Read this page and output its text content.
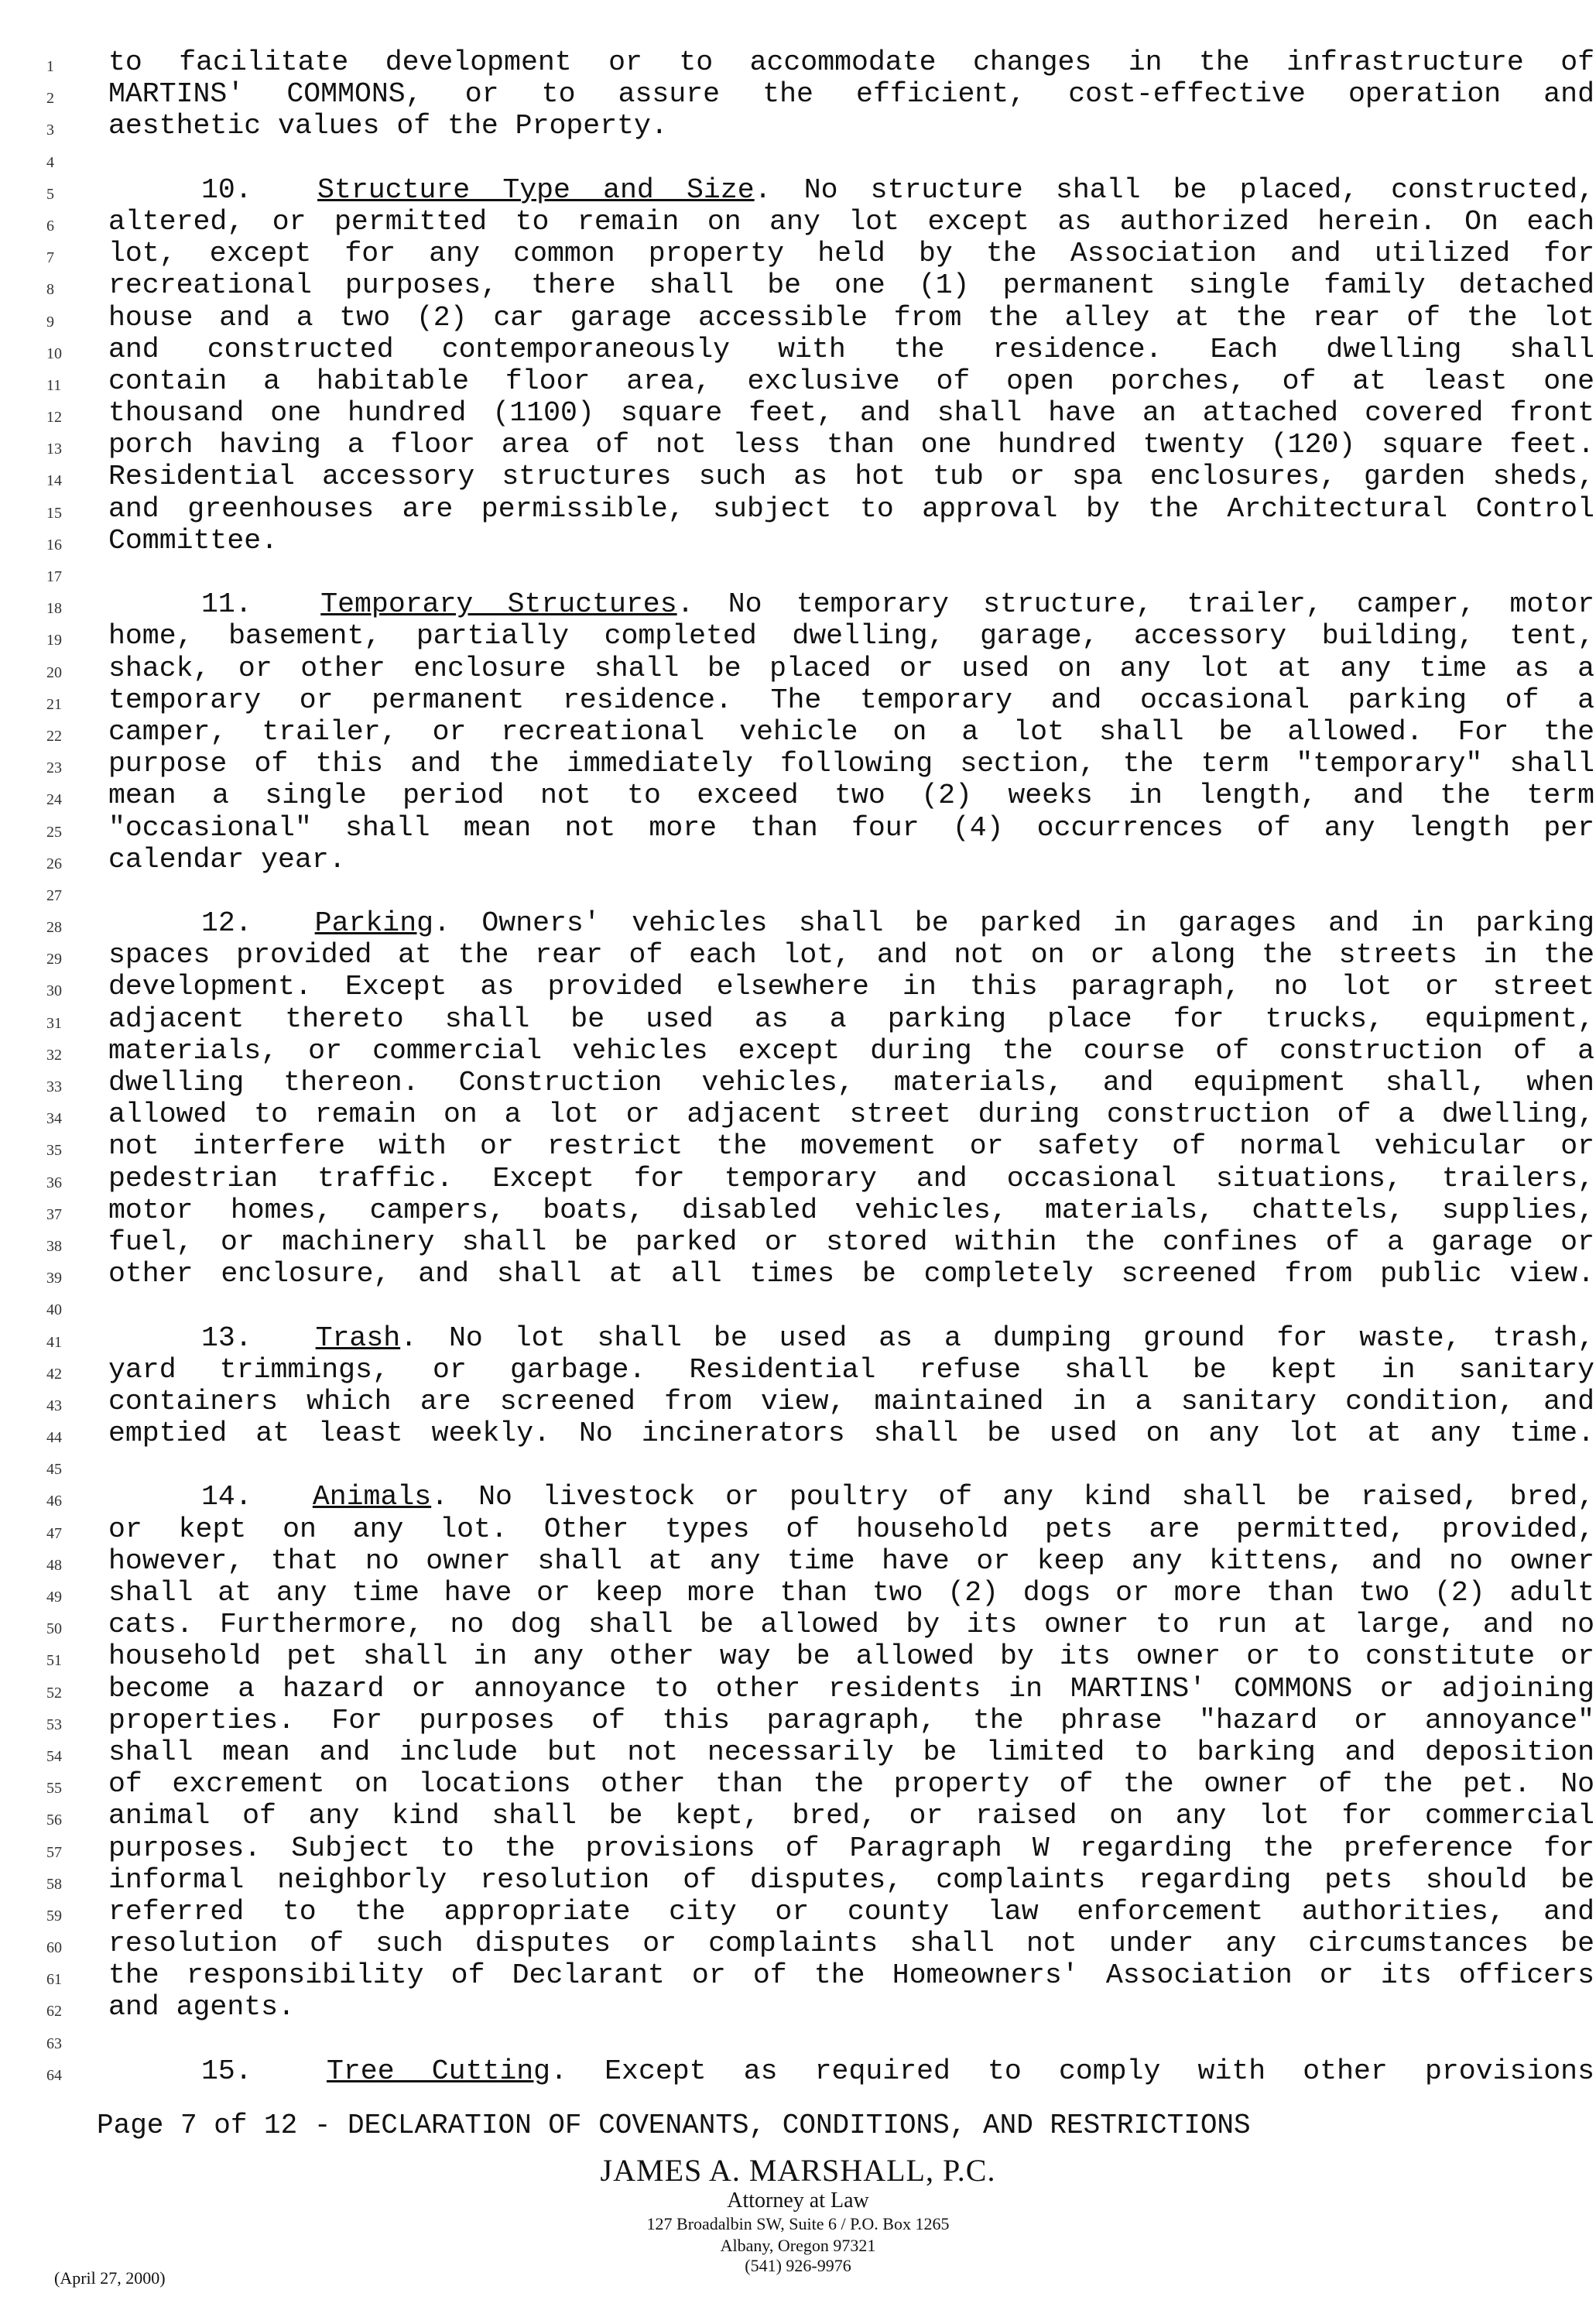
1	to facilitate development or to accommodate changes in the infrastructure of
2	MARTINS' COMMONS, or to assure the efficient, cost-effective operation and
3	aesthetic values of the Property.
4
5	10.  Structure Type and Size. No structure shall be placed, constructed,
6	altered, or permitted to remain on any lot except as authorized herein. On each
7	lot, except for any common property held by the Association and utilized for
8	recreational purposes, there shall be one (1) permanent single family detached
9	house and a two (2) car garage accessible from the alley at the rear of the lot
10	and constructed contemporaneously with the residence. Each dwelling shall
11	contain a habitable floor area, exclusive of open porches, of at least one
12	thousand one hundred (1100) square feet, and shall have an attached covered front
13	porch having a floor area of not less than one hundred twenty (120) square feet.
14	Residential accessory structures such as hot tub or spa enclosures, garden sheds,
15	and greenhouses are permissible, subject to approval by the Architectural Control
16	Committee.
17
18	11.  Temporary Structures. No temporary structure, trailer, camper, motor
19	home, basement, partially completed dwelling, garage, accessory building, tent,
20	shack, or other enclosure shall be placed or used on any lot at any time as a
21	temporary or permanent residence. The temporary and occasional parking of a
22	camper, trailer, or recreational vehicle on a lot shall be allowed. For the
23	purpose of this and the immediately following section, the term "temporary" shall
24	mean a single period not to exceed two (2) weeks in length, and the term
25	"occasional" shall mean not more than four (4) occurrences of any length per
26	calendar year.
27
28	12.  Parking. Owners' vehicles shall be parked in garages and in parking
29	spaces provided at the rear of each lot, and not on or along the streets in the
30	development. Except as provided elsewhere in this paragraph, no lot or street
31	adjacent thereto shall be used as a parking place for trucks, equipment,
32	materials, or commercial vehicles except during the course of construction of a
33	dwelling thereon. Construction vehicles, materials, and equipment shall, when
34	allowed to remain on a lot or adjacent street during construction of a dwelling,
35	not interfere with or restrict the movement or safety of normal vehicular or
36	pedestrian traffic. Except for temporary and occasional situations, trailers,
37	motor homes, campers, boats, disabled vehicles, materials, chattels, supplies,
38	fuel, or machinery shall be parked or stored within the confines of a garage or
39	other enclosure, and shall at all times be completely screened from public view.
40
41	13.  Trash. No lot shall be used as a dumping ground for waste, trash,
42	yard trimmings, or garbage. Residential refuse shall be kept in sanitary
43	containers which are screened from view, maintained in a sanitary condition, and
44	emptied at least weekly. No incinerators shall be used on any lot at any time.
45
46	14.  Animals. No livestock or poultry of any kind shall be raised, bred,
47	or kept on any lot. Other types of household pets are permitted, provided,
48	however, that no owner shall at any time have or keep any kittens, and no owner
49	shall at any time have or keep more than two (2) dogs or more than two (2) adult
50	cats. Furthermore, no dog shall be allowed by its owner to run at large, and no
51	household pet shall in any other way be allowed by its owner or to constitute or
52	become a hazard or annoyance to other residents in MARTINS' COMMONS or adjoining
53	properties. For purposes of this paragraph, the phrase "hazard or annoyance"
54	shall mean and include but not necessarily be limited to barking and deposition
55	of excrement on locations other than the property of the owner of the pet. No
56	animal of any kind shall be kept, bred, or raised on any lot for commercial
57	purposes. Subject to the provisions of Paragraph W regarding the preference for
58	informal neighborly resolution of disputes, complaints regarding pets should be
59	referred to the appropriate city or county law enforcement authorities, and
60	resolution of such disputes or complaints shall not under any circumstances be
61	the responsibility of Declarant or of the Homeowners' Association or its officers
62	and agents.
63
64	15.  Tree Cutting. Except as required to comply with other provisions
Page 7 of 12 - DECLARATION OF COVENANTS, CONDITIONS, AND RESTRICTIONS
JAMES A. MARSHALL, P.C.
Attorney at Law
127 Broadalbin SW, Suite 6 / P.O. Box 1265
Albany, Oregon 97321
(541) 926-9976
(April 27, 2000)
